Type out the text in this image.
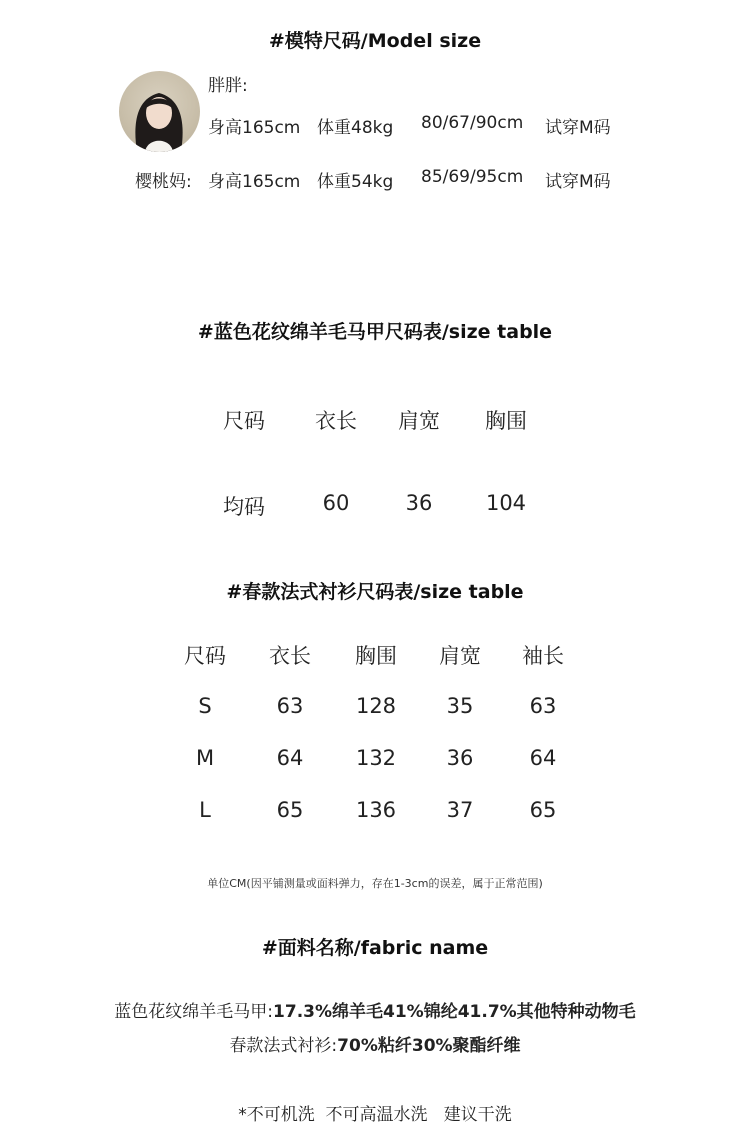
#模特尺码/Model size
胖胖:
身高165cm 体重48kg 80/67/90cm 试穿M码
樱桃妈: 身高165cm 体重54kg 85/69/95cm 试穿M码
#蓝色花纹绵羊毛马甲尺码表/size table
尺码	衣长	肩宽	胸围
均码	60	36	104
#春款法式衬衫尺码表/size table
尺码	衣长	胸围	肩宽	袖长
S	63	128	35	63
M	64	132	36	64
L	65	136	37	65
单位CM(因平铺测量或面料弹力，存在1-3cm的误差，属于正常范围)
#面料名称/fabric name
蓝色花纹绵羊毛马甲:17.3%绵羊毛41%锦纶41.7%其他特种动物毛
春款法式衬衫:70%粘纤30%聚酯纤维
*不可机洗  不可高温水洗   建议干洗
